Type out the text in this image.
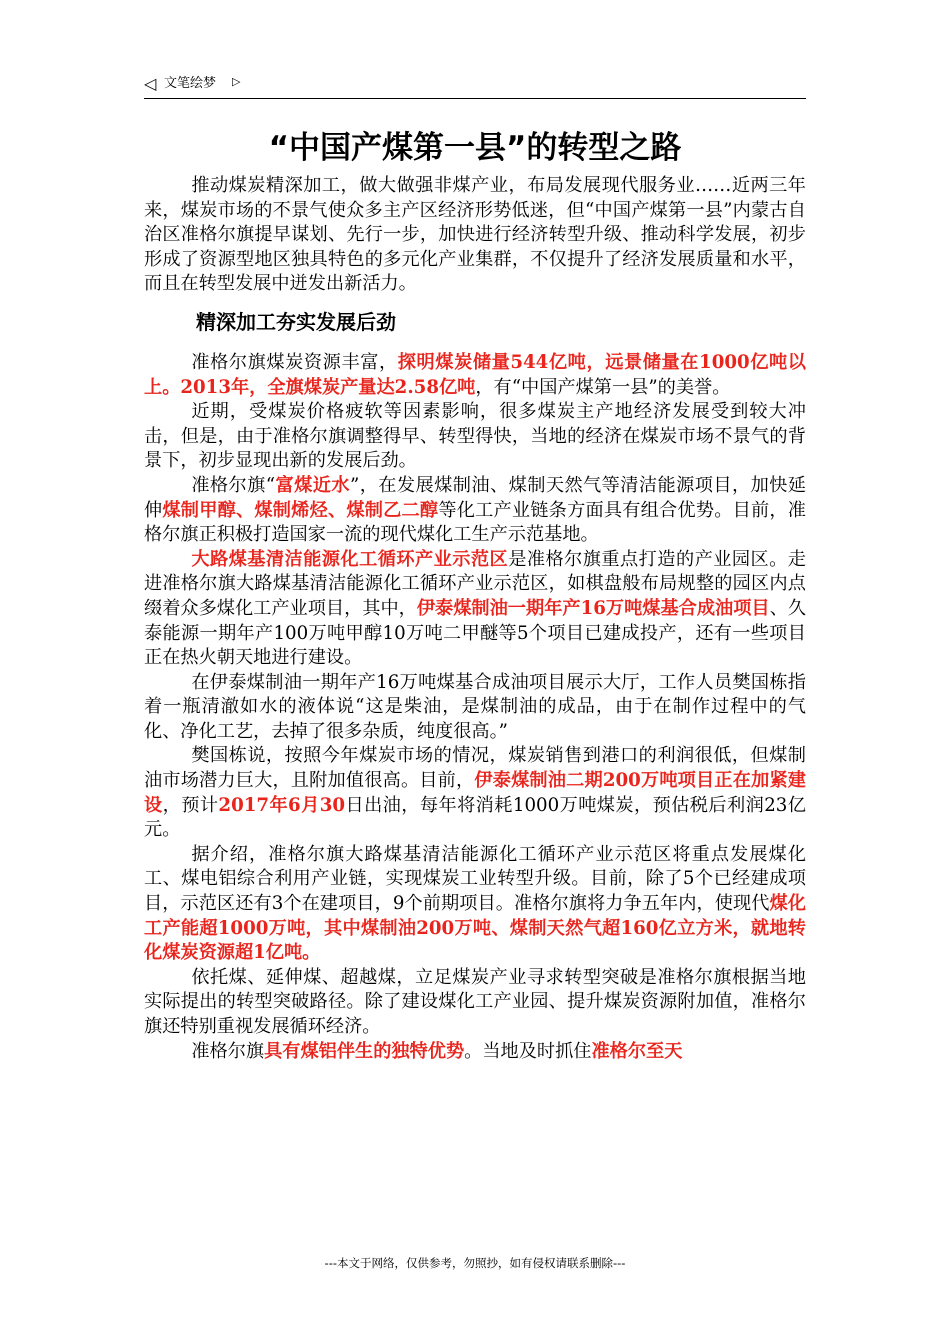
◁ 文笔绘梦 ▷
“中国产煤第一县”的转型之路

推动煤炭精深加工，做大做强非煤产业，布局发展现代服务业……近两三年来，煤炭市场的不景气使众多主产区经济形势低迷，但“中国产煤第一县”内蒙古自治区准格尔旗提早谋划、先行一步，加快进行经济转型升级、推动科学发展，初步形成了资源型地区独具特色的多元化产业集群，不仅提升了经济发展质量和水平，而且在转型发展中迸发出新活力。

精深加工夯实发展后劲

准格尔旗煤炭资源丰富，探明煤炭储量544亿吨，远景储量在1000亿吨以上。2013年，全旗煤炭产量达2.58亿吨，有“中国产煤第一县”的美誉。

近期，受煤炭价格疲软等因素影响，很多煤炭主产地经济发展受到较大冲击，但是，由于准格尔旗调整得早、转型得快，当地的经济在煤炭市场不景气的背景下，初步显现出新的发展后劲。

准格尔旗“富煤近水”，在发展煤制油、煤制天然气等清洁能源项目，加快延伸煤制甲醇、煤制烯烃、煤制乙二醇等化工产业链条方面具有组合优势。目前，准格尔旗正积极打造国家一流的现代煤化工生产示范基地。

大路煤基清洁能源化工循环产业示范区是准格尔旗重点打造的产业园区。走进准格尔旗大路煤基清洁能源化工循环产业示范区，如棋盘般布局规整的园区内点缀着众多煤化工产业项目，其中，伊泰煤制油一期年产16万吨煤基合成油项目、久泰能源一期年产100万吨甲醇10万吨二甲醚等5个项目已建成投产，还有一些项目正在热火朝天地进行建设。

在伊泰煤制油一期年产16万吨煤基合成油项目展示大厅，工作人员樊国栋指着一瓶清澈如水的液体说“这是柴油，是煤制油的成品，由于在制作过程中的气化、净化工艺，去掉了很多杂质，纯度很高。”

樊国栋说，按照今年煤炭市场的情况，煤炭销售到港口的利润很低，但煤制油市场潜力巨大，且附加值很高。目前，伊泰煤制油二期200万吨项目正在加紧建设，预计2017年6月30日出油，每年将消耗1000万吨煤炭，预估税后利润23亿元。

据介绍，准格尔旗大路煤基清洁能源化工循环产业示范区将重点发展煤化工、煤电铝综合利用产业链，实现煤炭工业转型升级。目前，除了5个已经建成项目，示范区还有3个在建项目，9个前期项目。准格尔旗将力争五年内，使现代煤化工产能超1000万吨，其中煤制油200万吨、煤制天然气超160亿立方米，就地转化煤炭资源超1亿吨。

依托煤、延伸煤、超越煤，立足煤炭产业寻求转型突破是准格尔旗根据当地实际提出的转型突破路径。除了建设煤化工产业园、提升煤炭资源附加值，准格尔旗还特别重视发展循环经济。

准格尔旗具有煤铝伴生的独特优势。当地及时抓住准格尔至天

---本文于网络，仅供参考，勿照抄，如有侵权请联系删除---
